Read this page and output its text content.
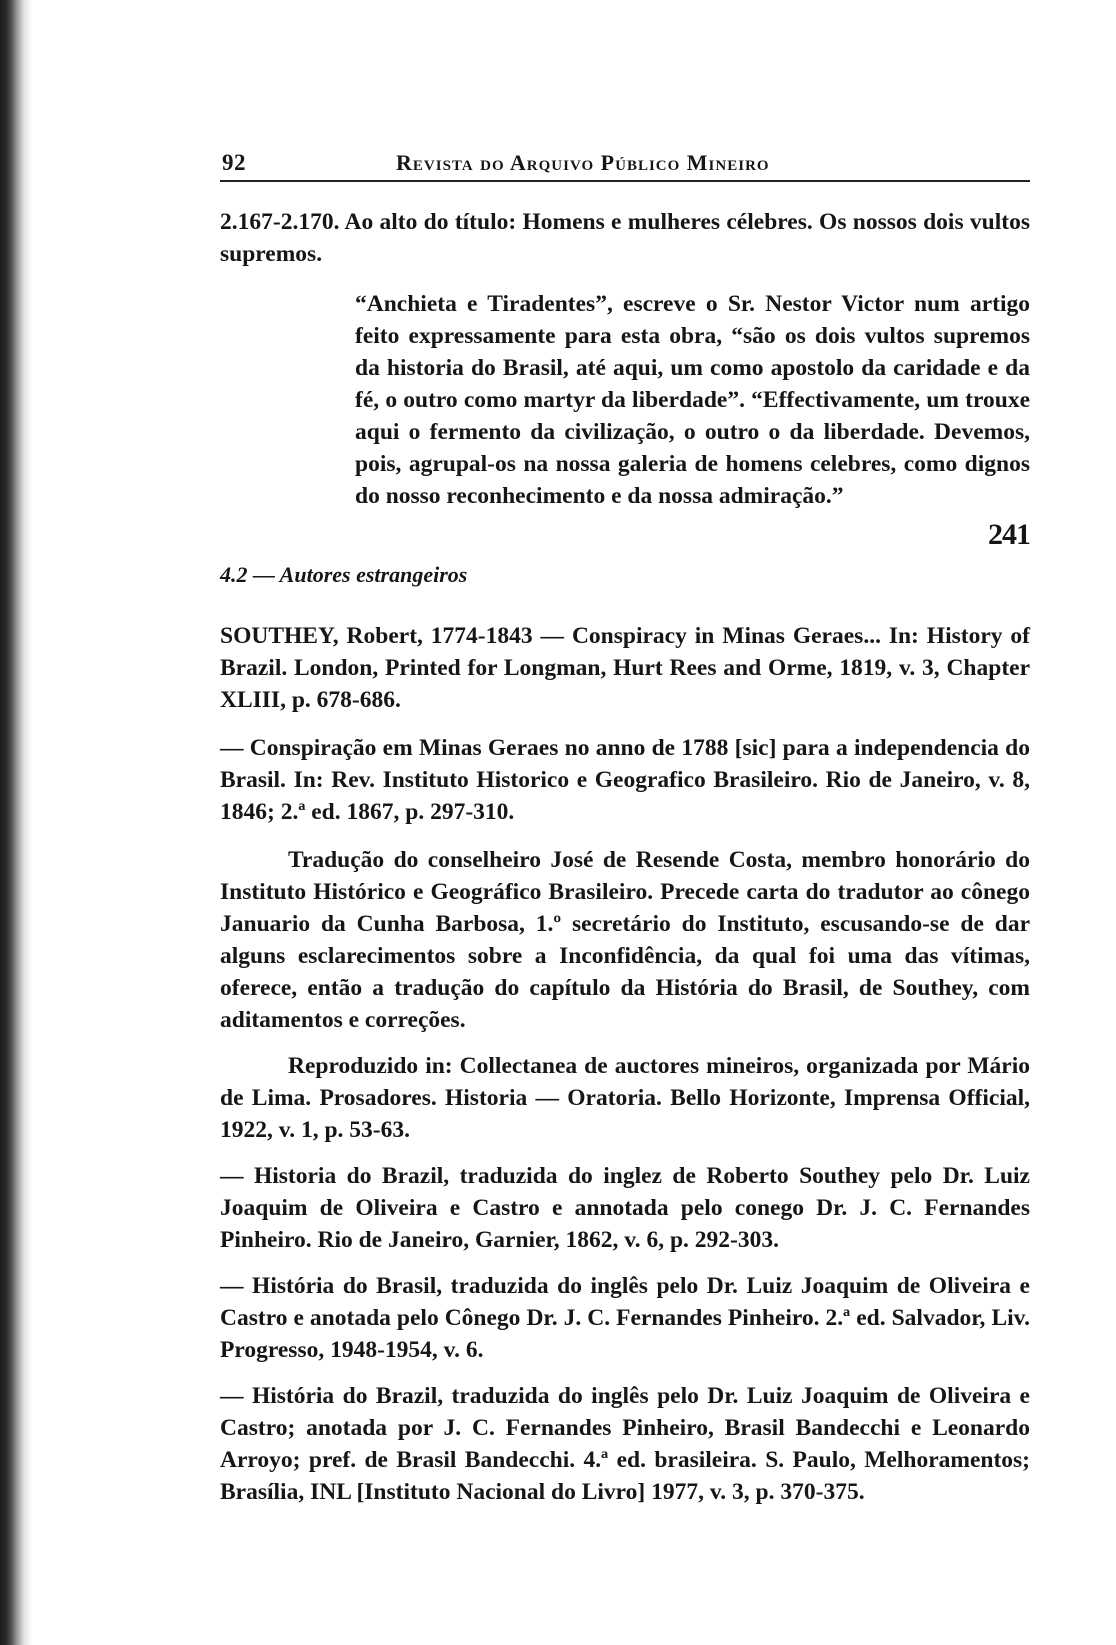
92	Revista do Arquivo Público Mineiro

2.167-2.170. Ao alto do título: Homens e mulheres célebres. Os nossos dois vultos supremos.

“Anchieta e Tiradentes”, escreve o Sr. Nestor Victor num artigo feito expressamente para esta obra, “são os dois vultos supremos da historia do Brasil, até aqui, um como apostolo da caridade e da fé, o outro como martyr da liberdade”. “Effectivamente, um trouxe aqui o fermento da civilização, o outro o da liberdade. Devemos, pois, agrupal-os na nossa galeria de homens celebres, como dignos do nosso reconhecimento e da nossa admiração.”

241
4.2 — Autores estrangeiros

SOUTHEY, Robert, 1774-1843 — Conspiracy in Minas Geraes... In: History of Brazil. London, Printed for Longman, Hurt Rees and Orme, 1819, v. 3, Chapter XLIII, p. 678-686.

— Conspiração em Minas Geraes no anno de 1788 [sic] para a independencia do Brasil. In: Rev. Instituto Historico e Geografico Brasileiro. Rio de Janeiro, v. 8, 1846; 2.ª ed. 1867, p. 297-310.

Tradução do conselheiro José de Resende Costa, membro honorário do Instituto Histórico e Geográfico Brasileiro. Precede carta do tradutor ao cônego Januario da Cunha Barbosa, 1.º secretário do Instituto, escusando-se de dar alguns esclarecimentos sobre a Inconfidência, da qual foi uma das vítimas, oferece, então a tradução do capítulo da História do Brasil, de Southey, com aditamentos e correções.

Reproduzido in: Collectanea de auctores mineiros, organizada por Mário de Lima. Prosadores. Historia — Oratoria. Bello Horizonte, Imprensa Official, 1922, v. 1, p. 53-63.

— Historia do Brazil, traduzida do inglez de Roberto Southey pelo Dr. Luiz Joaquim de Oliveira e Castro e annotada pelo conego Dr. J. C. Fernandes Pinheiro. Rio de Janeiro, Garnier, 1862, v. 6, p. 292-303.

— História do Brasil, traduzida do inglês pelo Dr. Luiz Joaquim de Oliveira e Castro e anotada pelo Cônego Dr. J. C. Fernandes Pinheiro. 2.ª ed. Salvador, Liv. Progresso, 1948-1954, v. 6.

— História do Brazil, traduzida do inglês pelo Dr. Luiz Joaquim de Oliveira e Castro; anotada por J. C. Fernandes Pinheiro, Brasil Bandecchi e Leonardo Arroyo; pref. de Brasil Bandecchi. 4.ª ed. brasileira. S. Paulo, Melhoramentos; Brasília, INL [Instituto Nacional do Livro] 1977, v. 3, p. 370-375.
